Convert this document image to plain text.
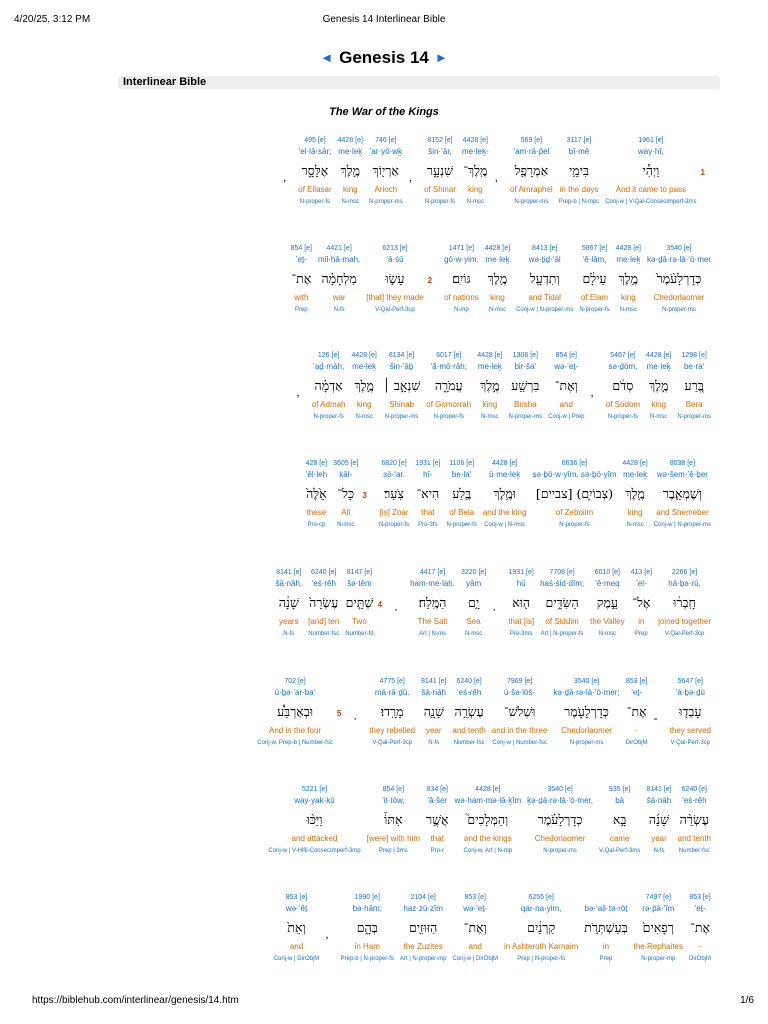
4/20/25, 3:12 PM	Genesis 14 Interlinear Bible
◄ Genesis 14 ►
Interlinear Bible
The War of the Kings
1
1961 [e]
way·hî,
וַיְהִ֕י
And it came to pass
Conj-w | V-Qal-ConsecImperf-3ms
3117 [e]
bî·mê
בִּימֵ֥י
in the days
Prep-b | N-mpc
569 [e]
’am·rā·p̄el
אַמְרָפֶ֖ל
of Amraphel
N-proper-ms
,
4428 [e]
me·leḵ-
מֶֽלֶךְ־
king
N-msc
8152 [e]
šin·‘ār,
שִׁנְעָ֑ר
of Shinar
N-proper-fs
,
746 [e]
’ar·yō·wḵ
אַרְי֖וֹךְ
Arioch
N-proper-ms
4428 [e]
me·leḵ
מֶ֣לֶךְ
king
N-msc
495 [e]
’el·lā·sār;
אֶלָּסָ֑ר
of Ellasar
N-proper-fs
,
3540 [e]
kə·ḏā·rə·lā·‘ō·mer
כְּדָרְלָעֹ֨מֶר֙
Chedorlaomer
N-proper-ms
4428 [e]
me·leḵ
מֶ֣לֶךְ
king
N-msc
5867 [e]
‘ê·lām,
עֵילָ֔ם
of Elam
N-proper-fs
8413 [e]
wə·ṯiḏ·‘āl
וְתִדְעָ֖ל
and Tidal
Conj-w | N-proper-ms
4428 [e]
me·leḵ
מֶ֥לֶךְ
king
N-msc
1471 [e]
gō·w·yim.
גּוֹיִֽם׃
of nations
N-mp
2
6213 [e]
‘ā·śū
עָשׂ֣וּ
[that] they made
V-Qal-Perf-3cp
4421 [e]
mil·ḥā·mah,
מִלְחָמָ֗ה
war
N-fs
854 [e]
’eṯ-
אֶת־
with
Prep
1298 [e]
be·ra‘
בֶּ֚רַע
Bera
N-proper-ms
4428 [e]
me·leḵ
מֶ֣לֶךְ
king
N-msc
5467 [e]
sə·ḏōm,
סְדֹ֔ם
of Sodom
N-proper-fs
,
854 [e]
wə·’eṯ-
וְאֶת־
and
Conj-w | Prep
1306 [e]
bir·ša‘
בִּרְשַׁ֖ע
Birsha
N-proper-ms
4428 [e]
me·leḵ
מֶ֣לֶךְ
king
N-msc
6017 [e]
‘ă·mō·rāh;
עֲמֹרָ֑ה
of Gomorrah
N-proper-fs
8134 [e]
šin·’āḇ
שִׁנְאָ֣ב ׀
Shinab
N-proper-ms
4428 [e]
me·leḵ
מֶ֣לֶךְ
king
N-msc
126 [e]
’aḏ·māh,
אַדְמָ֗ה
of Admah
N-proper-fs
,
8038 [e]
wə·šem·’ê·ḇer
וְשֶׁמְאֵ֛בֶר
and Shemeber
Conj-w | N-proper-ms
4428 [e]
me·leḵ
מֶ֥לֶךְ
king
N-msc
6636 [e]
ṣə·ḇō·w·yîm, ṣə·ḇō·yîm
(צְבוֹיִ֑ם) [צביים]
of Zeboiim
N-proper-fs
4428 [e]
ū·me·leḵ
וּמֶ֥לֶךְ
and the king
Conj-w | N-msc
1106 [e]
be·la‘
בֶּ֖לַע
of Bela
N-proper-fs
1931 [e]
hî-
הִיא־
that
Pro-3fs
6820 [e]
ṣō·‘ar.
צֹֽעַר׃
[is] Zoar
N-proper-fs
3
3605 [e]
kāl-
כָּל־
All
N-msc
428 [e]
’êl·leh
אֵ֙לֶּה֙
these
Pro-cp
2266 [e]
ḥā·ḇə·rū,
חָֽבְר֔וּ
joined together
V-Qal-Perf-3cp
413 [e]
’el-
אֶל־
in
Prep
6010 [e]
‘ê·meq
עֵ֣מֶק
the Valley
N-msc
7708 [e]
haś·śid·dîm;
הַשִּׂדִּ֑ים
of Siddim
Art | N-proper-fs
1931 [e]
hū
ה֖וּא
that [is]
Pro-3ms
·
3220 [e]
yām
יָ֥ם
Sea
N-msc
4417 [e]
ham·me·laḥ.
הַמֶּֽלַח׃
The Salt
Art | N-ms
·
4
8147 [e]
šə·têm
שְׁתֵּ֤ים
Two
Number-fd
6240 [e]
‘eś·rêh
עֶשְׂרֵה֙
[and] ten
Number-fsc
8141 [e]
šā·nāh,
שָׁנָ֔ה
years
N-fs
5647 [e]
‘ā·ḇə·ḏū
עָבְד֖וּ
they served
V-Qal-Perf-3cp
-
853 [e]
’eṯ-
אֶת־
-
DirObjM
3540 [e]
kə·ḏā·rə·lā·‘ō·mer;
כְּדָרְלָעֹ֑מֶר
Chedorlaomer
N-proper-ms
7969 [e]
ū·šə·lōš-
וּשְׁלֹשׁ־
and in the three
Conj-w | Number-fsc
6240 [e]
‘eś·rêh
עֶשְׂרֵ֥ה
and tenth
Number-fsc
8141 [e]
šā·nāh
שָׁנָ֖ה
year
N-fs
4775 [e]
mā·rā·ḏū.
מָרָֽדוּ׃
they rebelled
V-Qal-Perf-3cp
·
5
702 [e]
ū·ḇə·’ar·ba‘
וּבְאַרְבַּ֩ע
And in the four
Conj-w, Prep-b | Number-fsc
6240 [e]
‘eś·rêh
עֶשְׂרֵ֨ה
and tenth
Number-fsc
8141 [e]
šā·nāh
שָׁנָ֜ה
year
N-fs
935 [e]
bā
בָּ֣א
came
V-Qal-Perf-3ms
3540 [e]
ḵə·ḏā·rə·lā·‘ō·mer,
כְדָרְלָעֹ֗מֶר
Chedorlaomer
N-proper-ms
4428 [e]
wə·ham·mə·lā·ḵîm
וְהַמְּלָכִים֮
and the kings
Conj-w, Art | N-mp
834 [e]
’ă·šer
אֲשֶׁ֣ר
that
Pro-r
854 [e]
’it·tōw,
אִתּוֹ֒
[were] with him
Prep | 3ms
5221 [e]
way·yak·kū
וַיַּכּ֨וּ
and attacked
Conj-w | V-Hifil-ConsecImperf-3mp
853 [e]
’eṯ-
אֶת־
-
DirObjM
7497 [e]
rə·p̄ā·’îm
רְפָאִים֙
the Rephaites
N-proper-mp
bə·‘aš·tə·rōṯ
בְּעַשְׁתְּרֹ֣ת
in
Prep
6255 [e]
qar·na·yim,
קַרְנַ֔יִם
in Ashteroth Karnaim
Prep | N-proper-fs
853 [e]
wə·’eṯ-
וְאֶת־
and
Conj-w | DirObjM
2104 [e]
haz·zū·zîm
הַזּוּזִ֖ים
the Zuzites
Art | N-proper-mp
1990 [e]
bə·hām;
בְּהָ֑ם
in Ham
Prep-b | N-proper-fs
,
853 [e]
wə·’êṯ
וְאֵת֙
and
Conj-w | DirObjM
https://biblehub.com/interlinear/genesis/14.htm	1/6
